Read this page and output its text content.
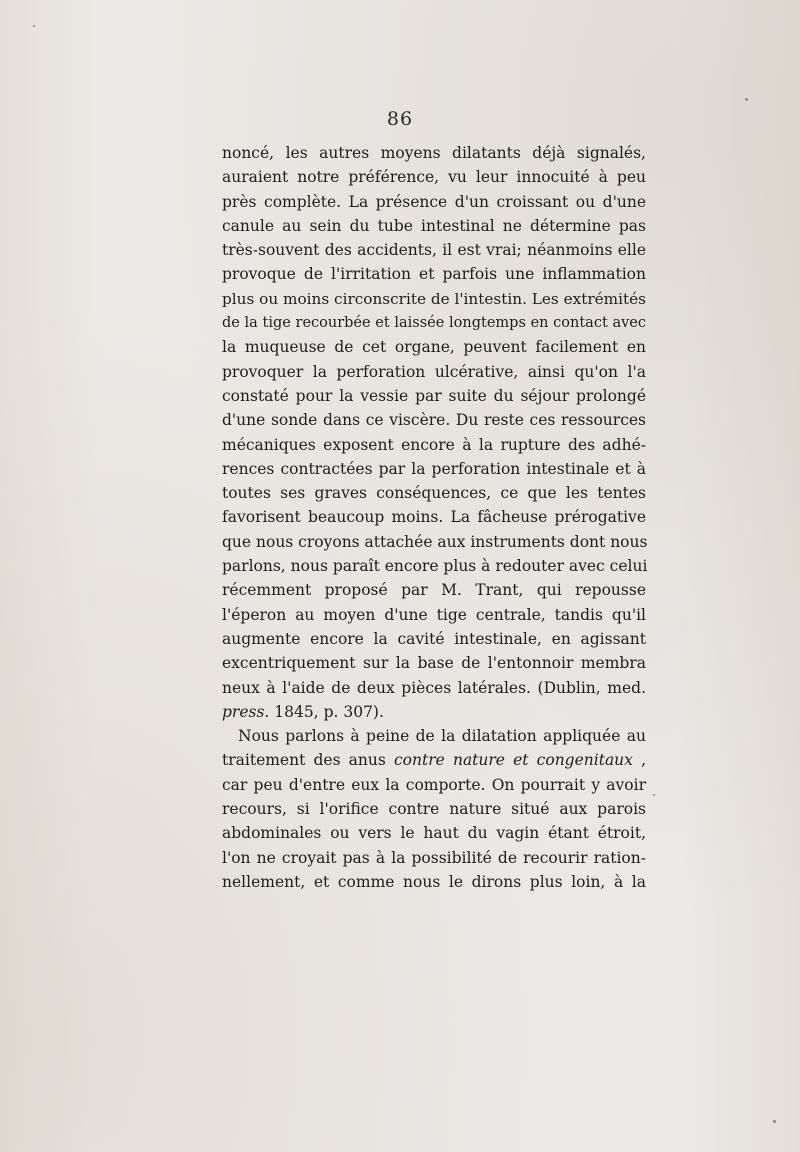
86
noncé, les autres moyens dilatants déjà signalés,
auraient notre préférence, vu leur innocuité à peu
près complète. La présence d'un croissant ou d'une
canule au sein du tube intestinal ne détermine pas
très-souvent des accidents, il est vrai; néanmoins elle
provoque de l'irritation et parfois une inflammation
plus ou moins circonscrite de l'intestin. Les extrémités
de la tige recourbée et laissée longtemps en contact avec
la muqueuse de cet organe, peuvent facilement en
provoquer la perforation ulcérative, ainsi qu'on l'a
constaté pour la vessie par suite du séjour prolongé
d'une sonde dans ce viscère. Du reste ces ressources
mécaniques exposent encore à la rupture des adhé-
rences contractées par la perforation intestinale et à
toutes ses graves conséquences, ce que les tentes
favorisent beaucoup moins. La fâcheuse prérogative
que nous croyons attachée aux instruments dont nous
parlons, nous paraît encore plus à redouter avec celui
récemment proposé par M. Trant, qui repousse
l'éperon au moyen d'une tige centrale, tandis qu'il
augmente encore la cavité intestinale, en agissant
excentriquement sur la base de l'entonnoir membra
neux à l'aide de deux pièces latérales. (Dublin, med.
press. 1845, p. 307).
Nous parlons à peine de la dilatation appliquée au
traitement des anus contre nature et congenitaux ,
car peu d'entre eux la comporte. On pourrait y avoir
recours, si l'orifice contre nature situé aux parois
abdominales ou vers le haut du vagin étant étroit,
l'on ne croyait pas à la possibilité de recourir ration-
nellement, et comme nous le dirons plus loin, à la
